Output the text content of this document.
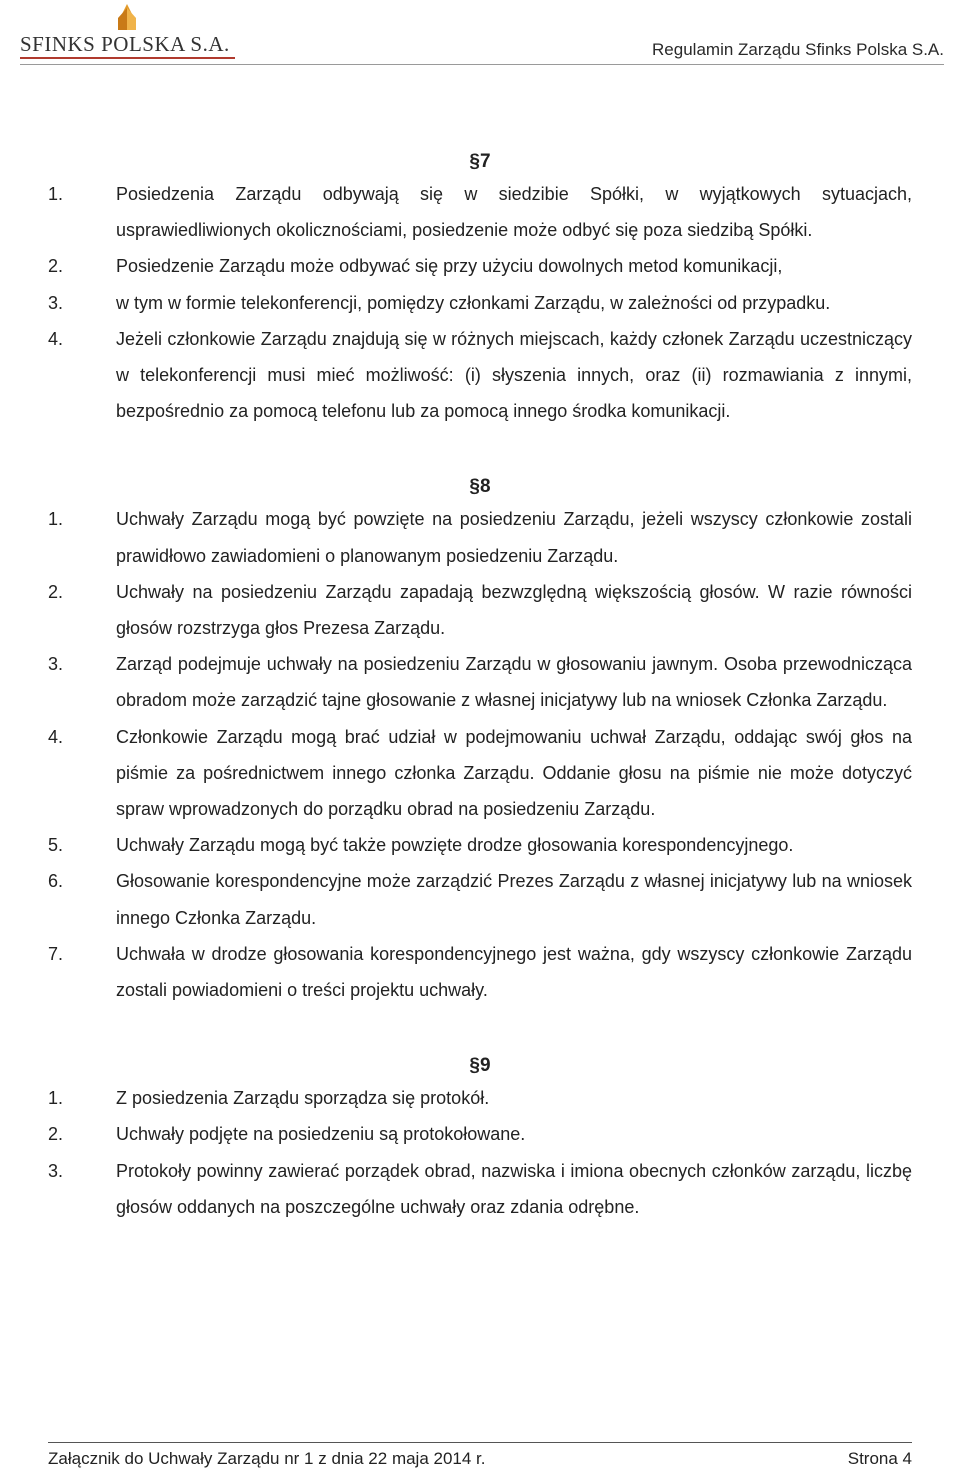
SFINKS POLSKA S.A.	Regulamin Zarządu Sfinks Polska S.A.
§7
1.	Posiedzenia Zarządu odbywają się w siedzibie Spółki, w wyjątkowych sytuacjach, usprawiedliwionych okolicznościami, posiedzenie może odbyć się poza siedzibą Spółki.
2.	Posiedzenie Zarządu może odbywać się przy użyciu dowolnych metod komunikacji,
3.	w tym w formie telekonferencji, pomiędzy członkami Zarządu, w zależności od przypadku.
4.	Jeżeli członkowie Zarządu znajdują się w różnych miejscach, każdy członek Zarządu uczestniczący w telekonferencji musi mieć możliwość: (i) słyszenia innych, oraz (ii) rozmawiania z innymi, bezpośrednio za pomocą telefonu lub za pomocą innego środka komunikacji.
§8
1.	Uchwały Zarządu mogą być powzięte na posiedzeniu Zarządu, jeżeli wszyscy członkowie zostali prawidłowo zawiadomieni o planowanym posiedzeniu Zarządu.
2.	Uchwały na posiedzeniu Zarządu zapadają bezwzględną większością głosów. W razie równości głosów rozstrzyga głos Prezesa Zarządu.
3.	Zarząd podejmuje uchwały na posiedzeniu Zarządu w głosowaniu jawnym. Osoba przewodnicząca obradom może zarządzić tajne głosowanie z własnej inicjatywy lub na wniosek Członka Zarządu.
4.	Członkowie Zarządu mogą brać udział w podejmowaniu uchwał Zarządu, oddając swój głos na piśmie za pośrednictwem innego członka Zarządu. Oddanie głosu na piśmie nie może dotyczyć spraw wprowadzonych do porządku obrad na posiedzeniu Zarządu.
5.	Uchwały Zarządu mogą być także powzięte drodze głosowania korespondencyjnego.
6.	Głosowanie korespondencyjne może zarządzić Prezes Zarządu z własnej inicjatywy lub na wniosek innego Członka Zarządu.
7.	Uchwała w drodze głosowania korespondencyjnego jest ważna, gdy wszyscy członkowie Zarządu zostali powiadomieni o treści projektu uchwały.
§9
1.	Z posiedzenia Zarządu sporządza się protokół.
2.	Uchwały podjęte na posiedzeniu są protokołowane.
3.	Protokoły powinny zawierać porządek obrad, nazwiska i imiona obecnych członków zarządu, liczbę głosów oddanych na poszczególne uchwały oraz zdania odrębne.
Załącznik do Uchwały Zarządu nr 1 z dnia 22 maja 2014 r.	Strona 4
